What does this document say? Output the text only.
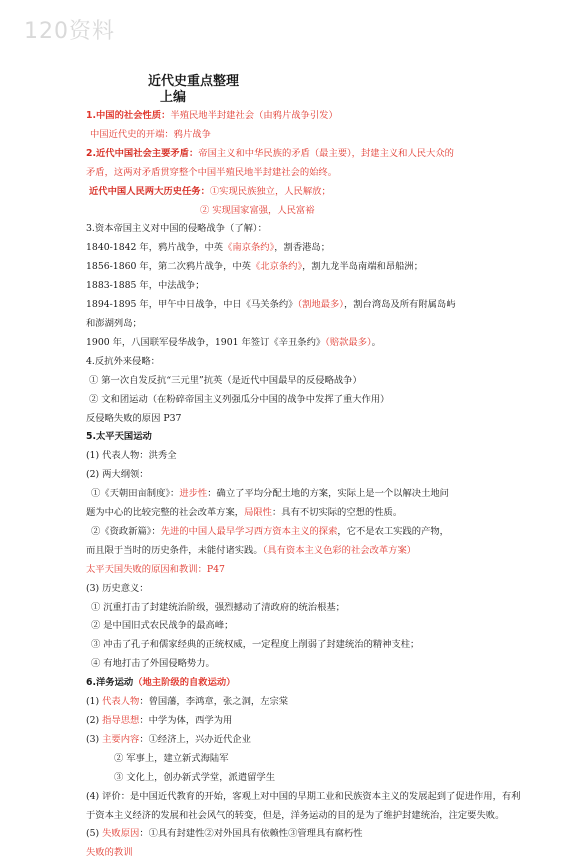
120资料
近代史重点整理
上编
1.中国的社会性质：半殖民地半封建社会（由鸦片战争引发）
中国近代史的开端：鸦片战争
2.近代中国社会主要矛盾：帝国主义和中华民族的矛盾（最主要），封建主义和人民大众的
矛盾，这两对矛盾贯穿整个中国半殖民地半封建社会的始终。
近代中国人民两大历史任务：①实现民族独立，人民解放；
② 实现国家富强，人民富裕
3.资本帝国主义对中国的侵略战争（了解）：
1840-1842 年，鸦片战争，中英《南京条约》，割香港岛；
1856-1860 年，第二次鸦片战争，中英《北京条约》，割九龙半岛南端和昂船洲；
1883-1885 年，中法战争；
1894-1895 年，甲午中日战争，中日《马关条约》（割地最多），割台湾岛及所有附属岛屿
和澎湖列岛；
1900 年，八国联军侵华战争，1901 年签订《辛丑条约》（赔款最多）。
4.反抗外来侵略：
① 第一次自发反抗“三元里”抗英（是近代中国最早的反侵略战争）
② 文和团运动（在粉碎帝国主义列强瓜分中国的战争中发挥了重大作用）
反侵略失败的原因 P37
5.太平天国运动
(1) 代表人物：洪秀全
(2) 两大纲领：
①《天朝田亩制度》：进步性：确立了平均分配土地的方案，实际上是一个以解决土地问
题为中心的比较完整的社会改革方案，局限性：具有不切实际的空想的性质。
②《资政新篇》：先进的中国人最早学习西方资本主义的探索，它不是农工实践的产物，
而且限于当时的历史条件，未能付诸实践。（具有资本主义色彩的社会改革方案）
太平天国失败的原因和教训：P47
(3) 历史意义：
① 沉重打击了封建统治阶级，强烈撼动了清政府的统治根基；
② 是中国旧式农民战争的最高峰；
③ 冲击了孔子和儒家经典的正统权威，一定程度上削弱了封建统治的精神支柱；
④ 有地打击了外国侵略势力。
6.洋务运动（地主阶级的自救运动）
(1) 代表人物：曾国藩，李鸿章，张之洞，左宗棠
(2) 指导思想：中学为体，西学为用
(3) 主要内容：①经济上，兴办近代企业
② 军事上，建立新式海陆军
③ 文化上，创办新式学堂，派遣留学生
(4) 评价：是中国近代教育的开始，客观上对中国的早期工业和民族资本主义的发展起到了促进作用，有利于资本主义经济的发展和社会风气的转变，但是，洋务运动的目的是为了维护封建统治，注定要失败。
(5) 失败原因：①具有封建性②对外国具有依赖性③管理具有腐朽性
失败的教训
